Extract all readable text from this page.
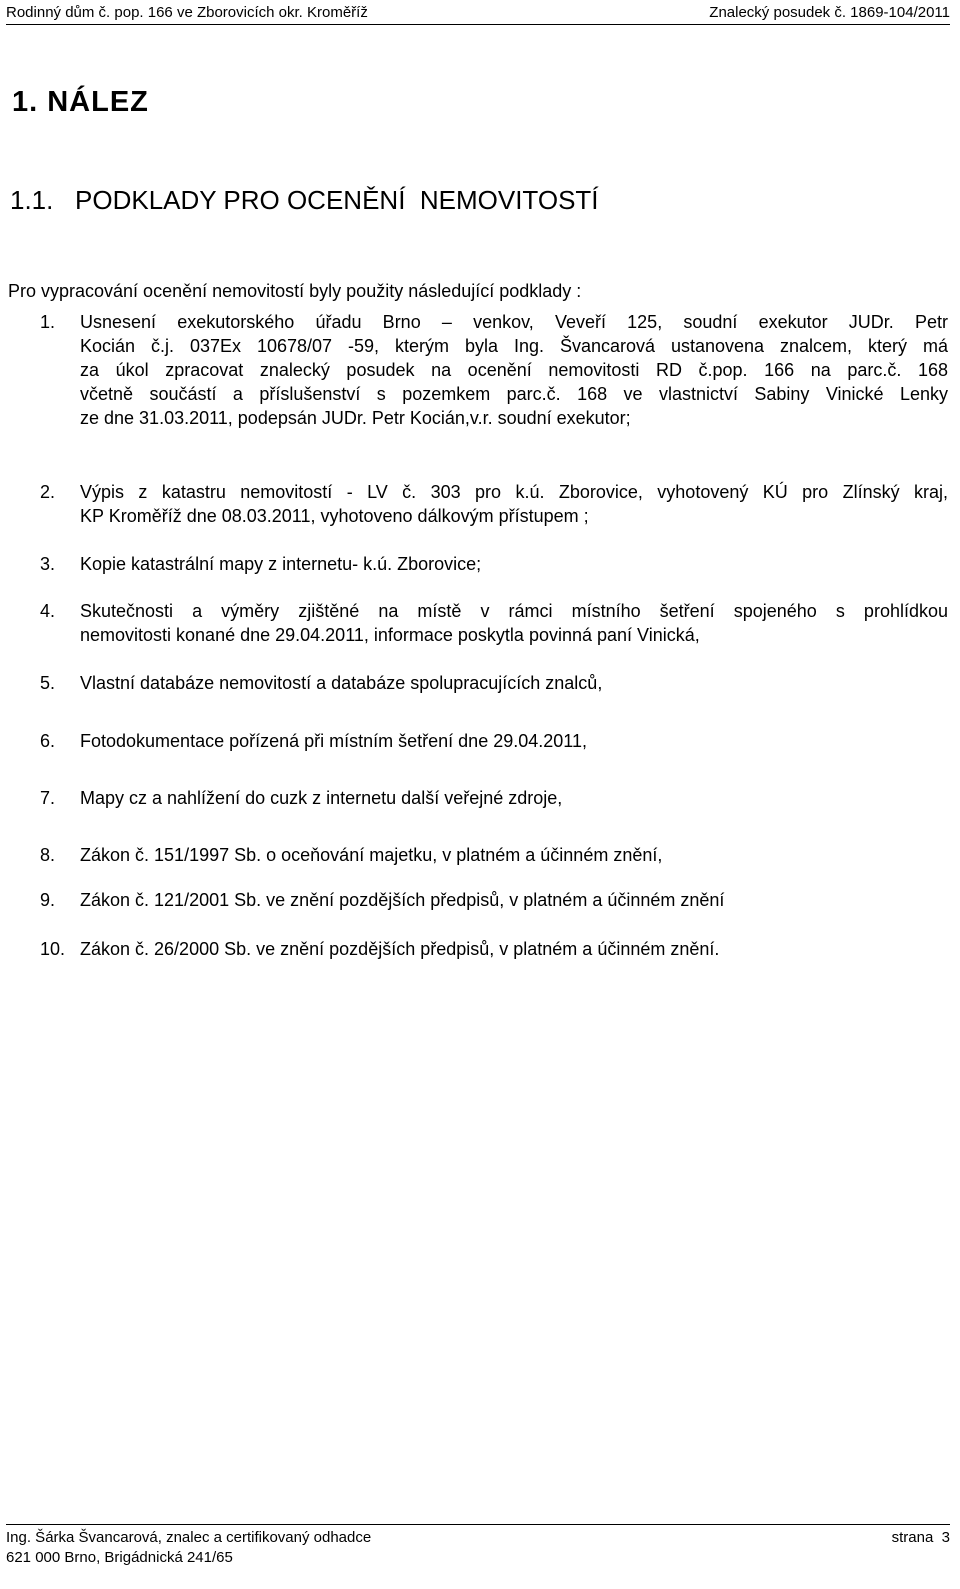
Rodinný dům č. pop. 166 ve Zborovicích okr. Kroměříž	Znalecký posudek č. 1869-104/2011
1. NÁLEZ
1.1.   PODKLADY PRO OCENĚNÍ  NEMOVITOSTÍ
Pro vypracování ocenění nemovitostí byly použity následující podklady :
1. Usnesení exekutorského úřadu Brno – venkov, Veveří 125, soudní exekutor JUDr. Petr
Kocián č.j. 037Ex 10678/07 -59, kterým byla Ing. Švancarová ustanovena znalcem, který má
za úkol zpracovat znalecký posudek na ocenění nemovitosti RD č.pop. 166 na parc.č. 168
včetně součástí a příslušenství s pozemkem parc.č. 168 ve vlastnictví Sabiny Vinické Lenky
ze dne 31.03.2011, podepsán JUDr. Petr Kocián,v.r. soudní exekutor;
2. Výpis z katastru nemovitostí - LV č. 303 pro k.ú. Zborovice, vyhotovený KÚ pro Zlínský kraj,
KP Kroměříž dne 08.03.2011, vyhotoveno dálkovým přístupem ;
3. Kopie katastrální mapy z internetu- k.ú. Zborovice;
4. Skutečnosti a výměry zjištěné na místě v rámci místního šetření spojeného s prohlídkou
nemovitosti konané dne 29.04.2011, informace poskytla povinná paní Vinická,
5. Vlastní databáze nemovitostí a databáze spolupracujících znalců,
6. Fotodokumentace pořízená při místním šetření dne 29.04.2011,
7. Mapy cz a nahlížení do cuzk z internetu další veřejné zdroje,
8. Zákon č. 151/1997 Sb. o oceňování majetku, v platném a účinném znění,
9. Zákon č. 121/2001 Sb. ve znění pozdějších předpisů, v platném a účinném znění
10. Zákon č. 26/2000 Sb. ve znění pozdějších předpisů, v platném a účinném znění.
Ing. Šárka Švancarová, znalec a certifikovaný odhadce	strana  3
621 000 Brno, Brigádnická 241/65
